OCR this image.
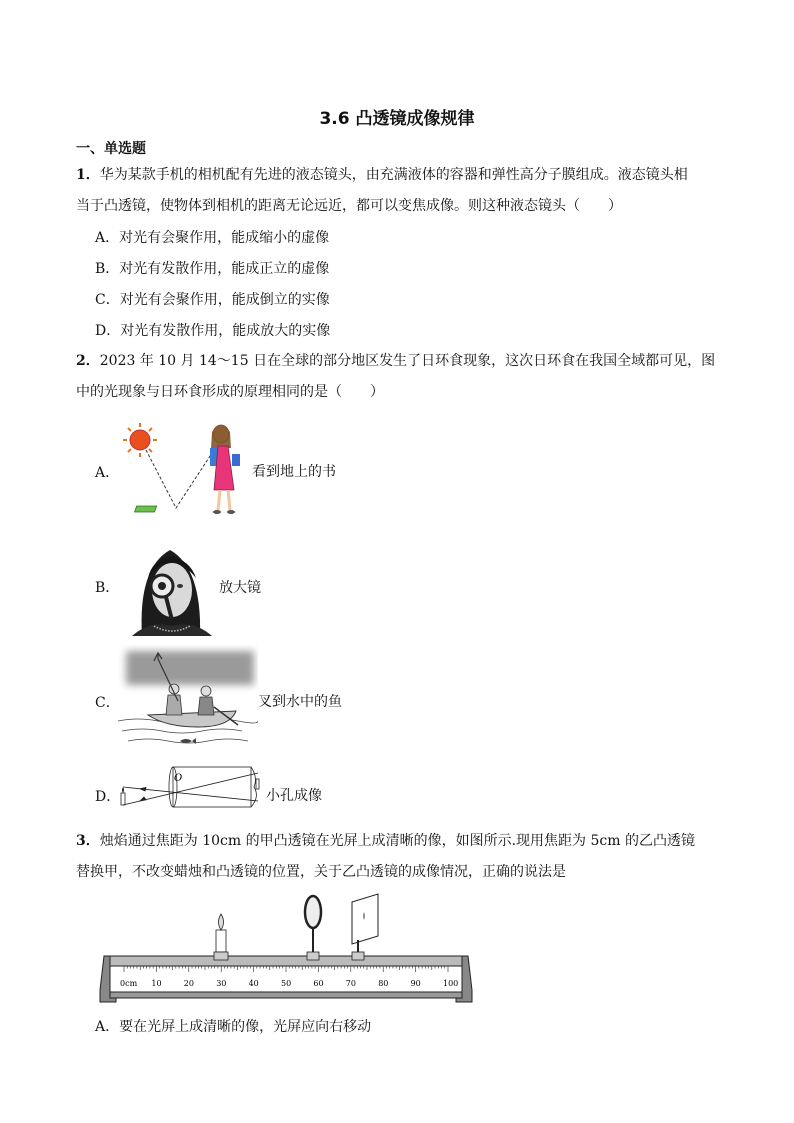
3.6 凸透镜成像规律
一、单选题
1．华为某款手机的相机配有先进的液态镜头，由充满液体的容器和弹性高分子膜组成。液态镜头相
当于凸透镜，使物体到相机的距离无论远近，都可以变焦成像。则这种液态镜头（　　）
A．对光有会聚作用，能成缩小的虚像
B．对光有发散作用，能成正立的虚像
C．对光有会聚作用，能成倒立的实像
D．对光有发散作用，能成放大的实像
2．2023 年 10 月 14～15 日在全球的部分地区发生了日环食现象，这次日环食在我国全域都可见，图
中的光现象与日环食形成的原理相同的是（　　）
A．	看到地上的书
B．	放大镜
C．	叉到水中的鱼
D．
O
小孔成像
3．烛焰通过焦距为 10cm 的甲凸透镜在光屏上成清晰的像，如图所示.现用焦距为 5cm 的乙凸透镜
替换甲，不改变蜡烛和凸透镜的位置，关于乙凸透镜的成像情况，正确的说法是
0cm 10	20	30	40	50	60	70	80	90	100
A．要在光屏上成清晰的像，光屏应向右移动
